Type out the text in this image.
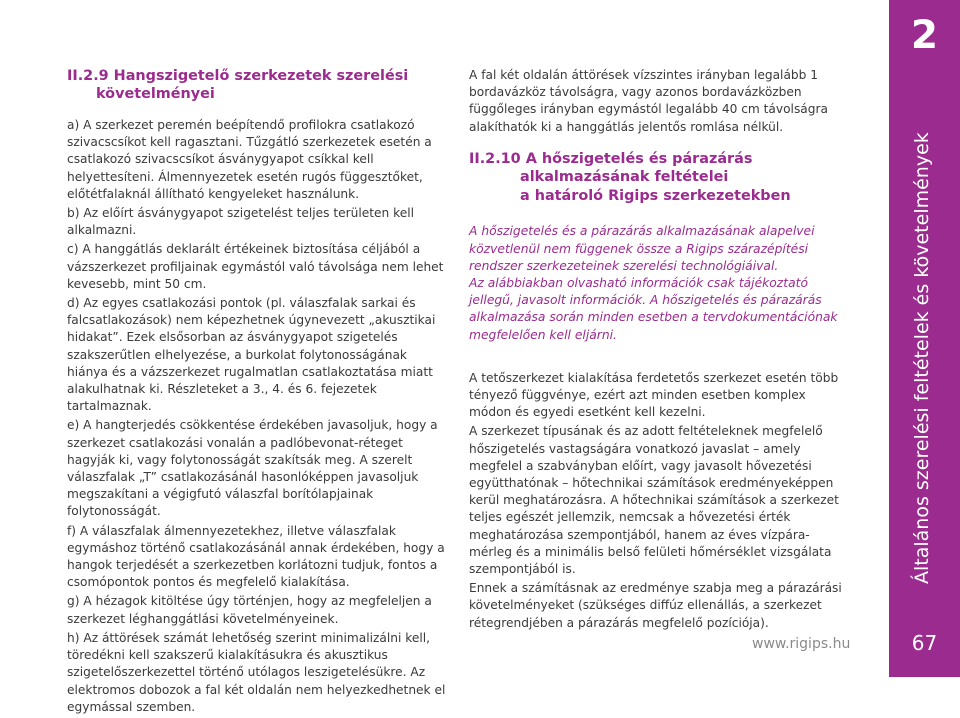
II.2.9 Hangszigetelő szerkezetek szerelési
követelményei

a) A szerkezet peremén beépítendő profilokra csatlakozó szivacscsíkot kell ragasztani. Tűzgátló szerkezetek esetén a csatlakozó szivacscsíkot ásványgyapot csíkkal kell helyettesíteni. Álmennyezetek esetén rugós függesztőket, előtétfalaknál állítható kengyeleket használunk.

b) Az előírt ásványgyapot szigetelést teljes területen kell alkalmazni.

c) A hanggátlás deklarált értékeinek biztosítása céljából a vázszerkezet profiljainak egymástól való távolsága nem lehet kevesebb, mint 50 cm.

d) Az egyes csatlakozási pontok (pl. válaszfalak sarkai és falcsatlakozások) nem képezhetnek úgynevezett „akusztikai hidakat”. Ezek elsősorban az ásványgyapot szigetelés szakszerűtlen elhelyezése, a burkolat folytonosságának hiánya és a vázszerkezet rugalmatlan csatlakoztatása miatt alakulhatnak ki. Részleteket a 3., 4. és 6. fejezetek tartalmaznak.

e) A hangterjedés csökkentése érdekében javasoljuk, hogy a szerkezet csatlakozási vonalán a padlóbevonat-réteget hagyják ki, vagy folytonosságát szakítsák meg. A szerelt válaszfalak „T” csatlakozásánál hasonlóképpen javasoljuk megszakítani a végigfutó válaszfal borítólapjainak folytonosságát.

f) A válaszfalak álmennyezetekhez, illetve válaszfalak egymáshoz történő csatlakozásánál annak érdekében, hogy a hangok terjedését a szerkezetben korlátozni tudjuk, fontos a csomópontok pontos és megfelelő kialakítása.

g) A hézagok kitöltése úgy történjen, hogy az megfeleljen a szerkezet léghanggátlási követelményeinek.

h) Az áttörések számát lehetőség szerint minimalizálni kell, töredékni kell szakszerű kialakításukra és akusztikus szigetelőszerkezettel történő utólagos leszigetelésükre. Az elektromos dobozok a fal két oldalán nem helyezkedhetnek el egymással szemben.

A fal két oldalán áttörések vízszintes irányban legalább 1 bordavázköz távolságra, vagy azonos bordavázközben függőleges irányban egymástól legalább 40 cm távolságra alakíthatók ki a hanggátlás jelentős romlása nélkül.

II.2.10 A hőszigetelés és párazárás
alkalmazásának feltételei
a határoló Rigips szerkezetekben

A hőszigetelés és a párazárás alkalmazásának alapelvei közvetlenül nem függenek össze a Rigips szárazépítési rendszer szerkezeteinek szerelési technológiáival.

Az alábbiakban olvasható információk csak tájékoztató jellegű, javasolt információk. A hőszigetelés és párazárás alkalmazása során minden esetben a tervdokumentációnak megfelelően kell eljárni.

A tetőszerkezet kialakítása ferdetetős szerkezet esetén több tényező függvénye, ezért azt minden esetben komplex módon és egyedi esetként kell kezelni.

A szerkezet típusának és az adott feltételeknek megfelelő hőszigetelés vastagságára vonatkozó javaslat – amely megfelel a szabványban előírt, vagy javasolt hővezetési együtthatónak – hőtechnikai számítások eredményeképpen kerül meghatározásra. A hőtechnikai számítások a szerkezet teljes egészét jellemzik, nemcsak a hővezetési érték meghatározása szempontjából, hanem az éves vízpára-mérleg és a minimális belső felületi hőmérséklet vizsgálata szempontjából is.

Ennek a számításnak az eredménye szabja meg a párazárási követelményeket (szükséges diffúz ellenállás, a szerkezet rétegrendjében a párazárás megfelelő pozíciója).

www.rigips.hu
2
Általános szerelési feltételek és követelmények
67
